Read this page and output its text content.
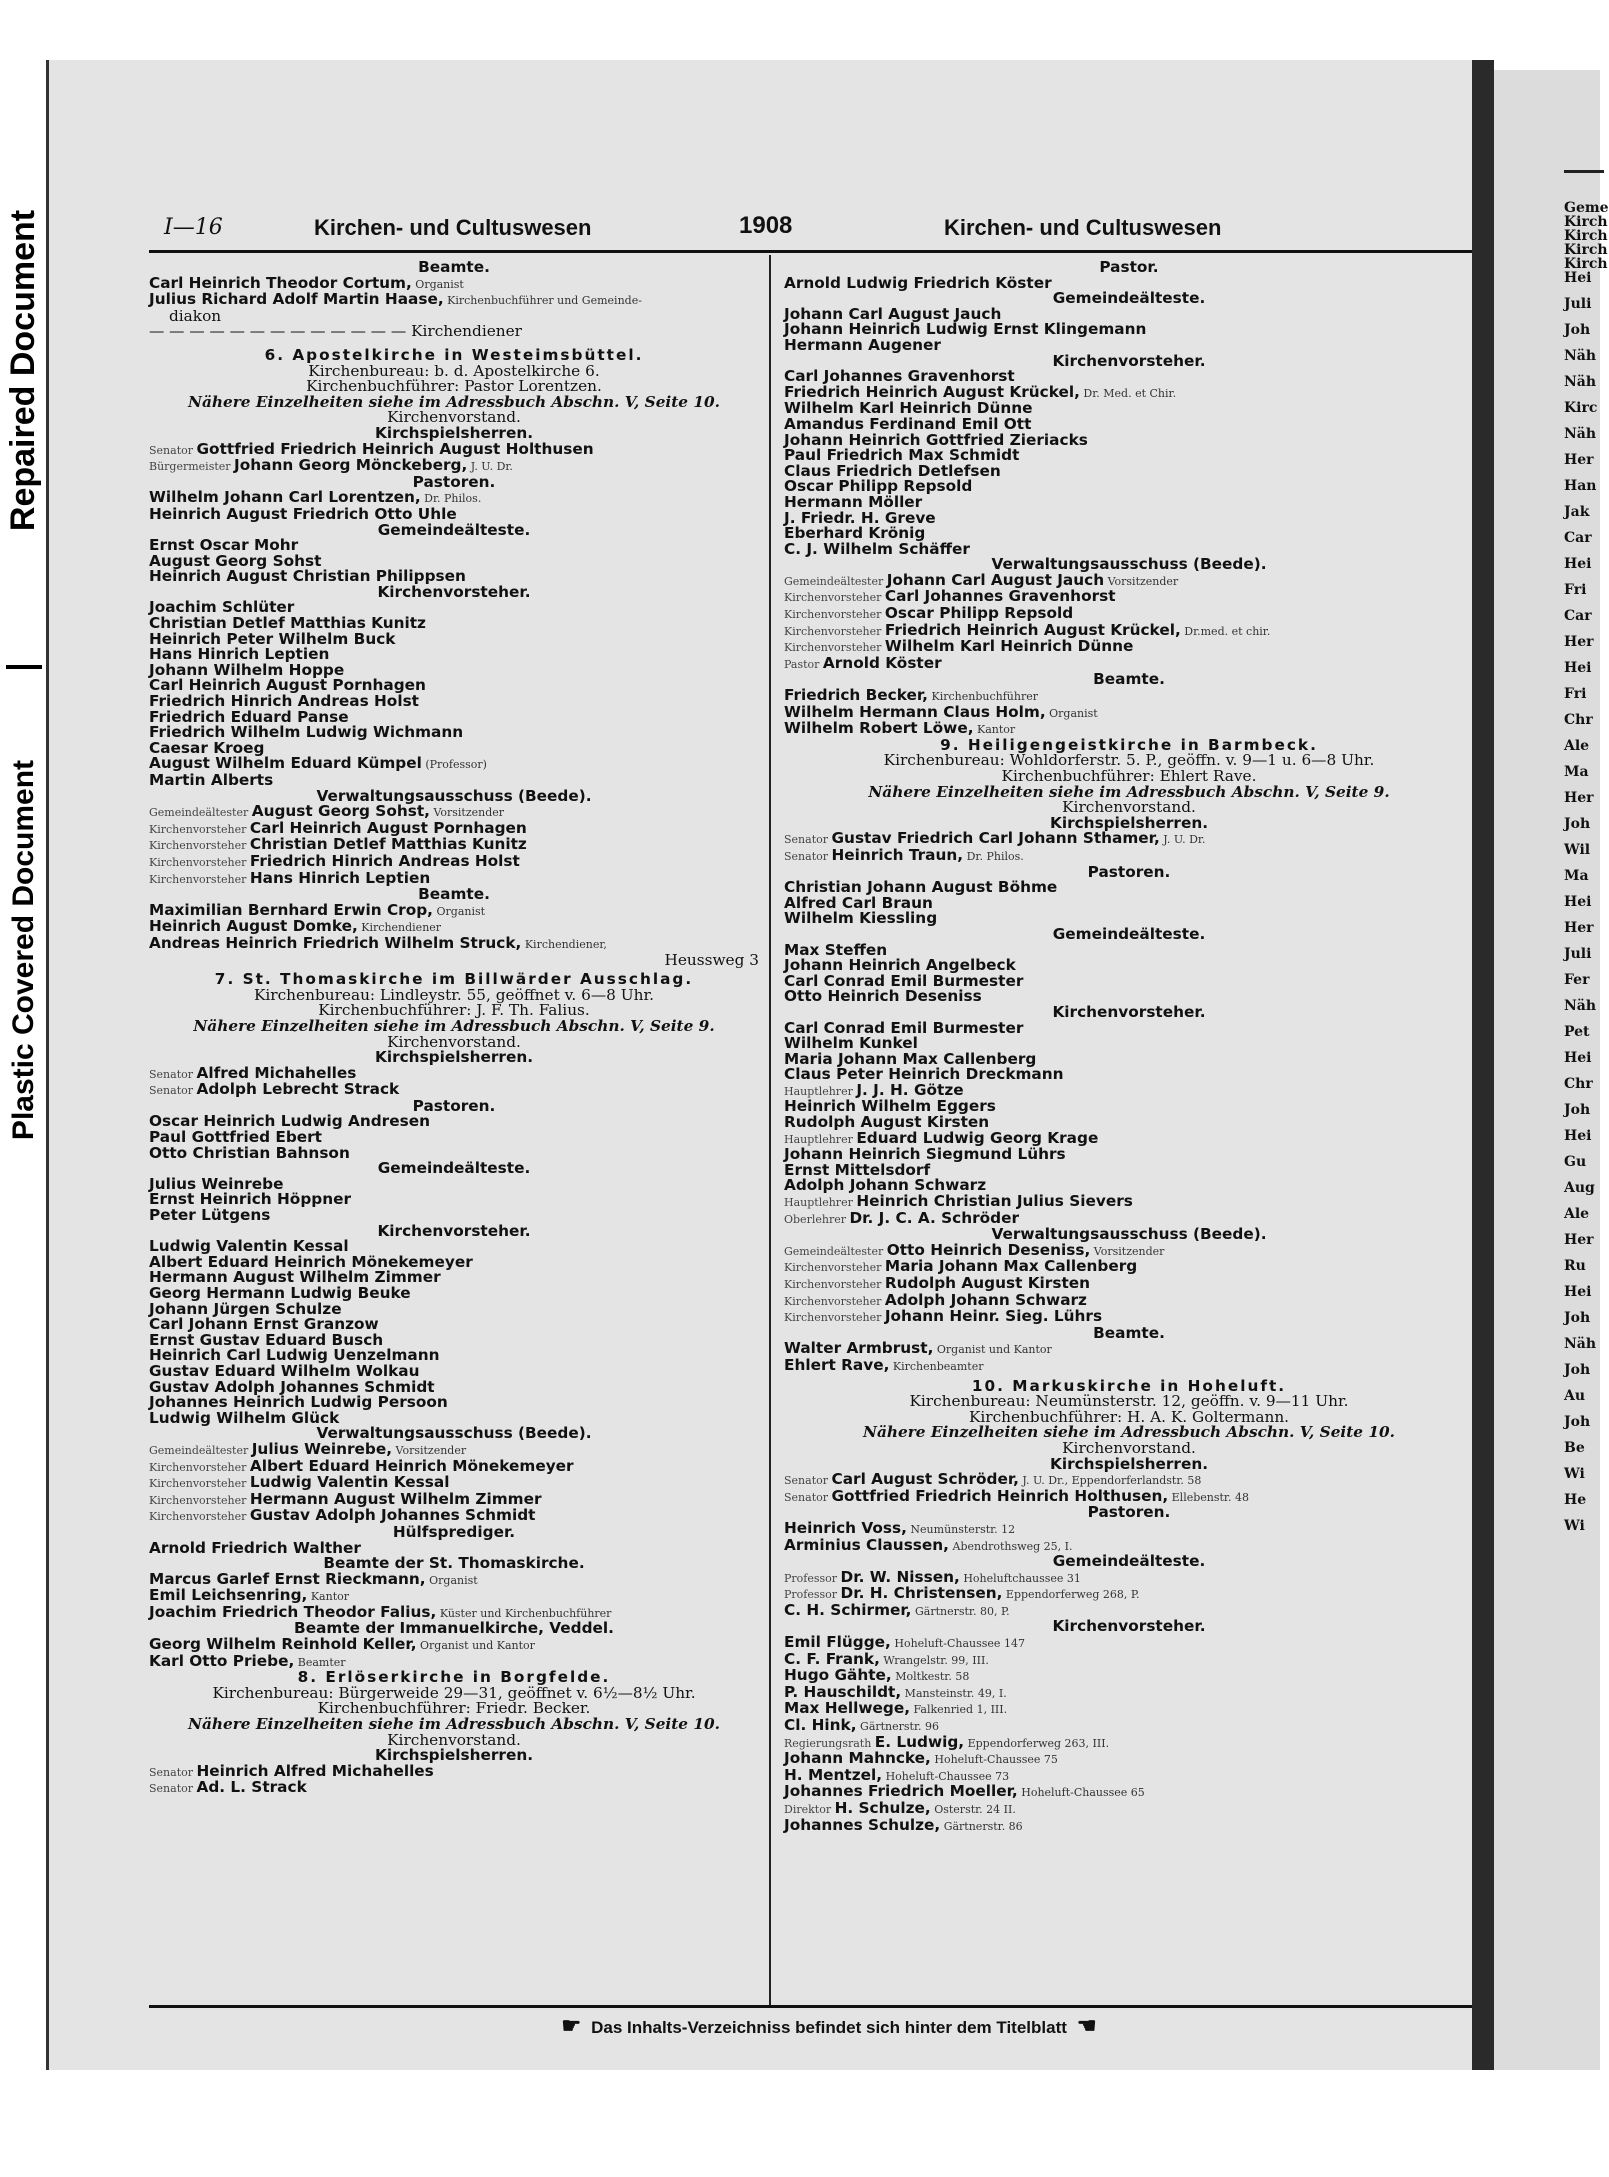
Repaired Document
Plastic Covered Document
I—16	Kirchen- und Cultuswesen	1908	Kirchen- und Cultuswesen
Beamte.
Carl Heinrich Theodor Cortum, Organist
Julius Richard Adolf Martin Haase, Kirchenbuchführer und Gemeinde-
diakon
— — — — — — — — — — — — — Kirchendiener
6. Apostelkirche in Westeimsbüttel.
Kirchenbureau: b. d. Apostelkirche 6.
Kirchenbuchführer: Pastor Lorentzen.
Nähere Einzelheiten siehe im Adressbuch Abschn. V, Seite 10.
Kirchenvorstand.
Kirchspielsherren.
Senator Gottfried Friedrich Heinrich August Holthusen
Bürgermeister Johann Georg Mönckeberg, J. U. Dr.
Pastoren.
Wilhelm Johann Carl Lorentzen, Dr. Philos.
Heinrich August Friedrich Otto Uhle
Gemeindeälteste.
Ernst Oscar Mohr
August Georg Sohst
Heinrich August Christian Philippsen
Kirchenvorsteher.
Joachim Schlüter
Christian Detlef Matthias Kunitz
Heinrich Peter Wilhelm Buck
Hans Hinrich Leptien
Johann Wilhelm Hoppe
Carl Heinrich August Pornhagen
Friedrich Hinrich Andreas Holst
Friedrich Eduard Panse
Friedrich Wilhelm Ludwig Wichmann
Caesar Kroeg
August Wilhelm Eduard Kümpel (Professor)
Martin Alberts
Verwaltungsausschuss (Beede).
Gemeindeältester August Georg Sohst, Vorsitzender
Kirchenvorsteher Carl Heinrich August Pornhagen
Kirchenvorsteher Christian Detlef Matthias Kunitz
Kirchenvorsteher Friedrich Hinrich Andreas Holst
Kirchenvorsteher Hans Hinrich Leptien
Beamte.
Maximilian Bernhard Erwin Crop, Organist
Heinrich August Domke, Kirchendiener
Andreas Heinrich Friedrich Wilhelm Struck, Kirchendiener,
Heussweg 3
7. St. Thomaskirche im Billwärder Ausschlag.
Kirchenbureau: Lindleystr. 55, geöffnet v. 6—8 Uhr.
Kirchenbuchführer: J. F. Th. Falius.
Nähere Einzelheiten siehe im Adressbuch Abschn. V, Seite 9.
Kirchenvorstand.
Kirchspielsherren.
Senator Alfred Michahelles
Senator Adolph Lebrecht Strack
Pastoren.
Oscar Heinrich Ludwig Andresen
Paul Gottfried Ebert
Otto Christian Bahnson
Gemeindeälteste.
Julius Weinrebe
Ernst Heinrich Höppner
Peter Lütgens
Kirchenvorsteher.
Ludwig Valentin Kessal
Albert Eduard Heinrich Mönekemeyer
Hermann August Wilhelm Zimmer
Georg Hermann Ludwig Beuke
Johann Jürgen Schulze
Carl Johann Ernst Granzow
Ernst Gustav Eduard Busch
Heinrich Carl Ludwig Uenzelmann
Gustav Eduard Wilhelm Wolkau
Gustav Adolph Johannes Schmidt
Johannes Heinrich Ludwig Persoon
Ludwig Wilhelm Glück
Verwaltungsausschuss (Beede).
Gemeindeältester Julius Weinrebe, Vorsitzender
Kirchenvorsteher Albert Eduard Heinrich Mönekemeyer
Kirchenvorsteher Ludwig Valentin Kessal
Kirchenvorsteher Hermann August Wilhelm Zimmer
Kirchenvorsteher Gustav Adolph Johannes Schmidt
Hülfsprediger.
Arnold Friedrich Walther
Beamte der St. Thomaskirche.
Marcus Garlef Ernst Rieckmann, Organist
Emil Leichsenring, Kantor
Joachim Friedrich Theodor Falius, Küster und Kirchenbuchführer
Beamte der Immanuelkirche, Veddel.
Georg Wilhelm Reinhold Keller, Organist und Kantor
Karl Otto Priebe, Beamter
8. Erlöserkirche in Borgfelde.
Kirchenbureau: Bürgerweide 29—31, geöffnet v. 6½—8½ Uhr.
Kirchenbuchführer: Friedr. Becker.
Nähere Einzelheiten siehe im Adressbuch Abschn. V, Seite 10.
Kirchenvorstand.
Kirchspielsherren.
Senator Heinrich Alfred Michahelles
Senator Ad. L. Strack
Pastor.
Arnold Ludwig Friedrich Köster
Gemeindeälteste.
Johann Carl August Jauch
Johann Heinrich Ludwig Ernst Klingemann
Hermann Augener
Kirchenvorsteher.
Carl Johannes Gravenhorst
Friedrich Heinrich August Krückel, Dr. Med. et Chir.
Wilhelm Karl Heinrich Dünne
Amandus Ferdinand Emil Ott
Johann Heinrich Gottfried Zieriacks
Paul Friedrich Max Schmidt
Claus Friedrich Detlefsen
Oscar Philipp Repsold
Hermann Möller
J. Friedr. H. Greve
Eberhard Krönig
C. J. Wilhelm Schäffer
Verwaltungsausschuss (Beede).
Gemeindeältester Johann Carl August Jauch Vorsitzender
Kirchenvorsteher Carl Johannes Gravenhorst
Kirchenvorsteher Oscar Philipp Repsold
Kirchenvorsteher Friedrich Heinrich August Krückel, Dr.med. et chir.
Kirchenvorsteher Wilhelm Karl Heinrich Dünne
Pastor Arnold Köster
Beamte.
Friedrich Becker, Kirchenbuchführer
Wilhelm Hermann Claus Holm, Organist
Wilhelm Robert Löwe, Kantor
9. Heiligengeistkirche in Barmbeck.
Kirchenbureau: Wohldorferstr. 5. P., geöffn. v. 9—1 u. 6—8 Uhr.
Kirchenbuchführer: Ehlert Rave.
Nähere Einzelheiten siehe im Adressbuch Abschn. V, Seite 9.
Kirchenvorstand.
Kirchspielsherren.
Senator Gustav Friedrich Carl Johann Sthamer, J. U. Dr.
Senator Heinrich Traun, Dr. Philos.
Pastoren.
Christian Johann August Böhme
Alfred Carl Braun
Wilhelm Kiessling
Gemeindeälteste.
Max Steffen
Johann Heinrich Angelbeck
Carl Conrad Emil Burmester
Otto Heinrich Deseniss
Kirchenvorsteher.
Carl Conrad Emil Burmester
Wilhelm Kunkel
Maria Johann Max Callenberg
Claus Peter Heinrich Dreckmann
Hauptlehrer J. J. H. Götze
Heinrich Wilhelm Eggers
Rudolph August Kirsten
Hauptlehrer Eduard Ludwig Georg Krage
Johann Heinrich Siegmund Lührs
Ernst Mittelsdorf
Adolph Johann Schwarz
Hauptlehrer Heinrich Christian Julius Sievers
Oberlehrer Dr. J. C. A. Schröder
Verwaltungsausschuss (Beede).
Gemeindeältester Otto Heinrich Deseniss, Vorsitzender
Kirchenvorsteher Maria Johann Max Callenberg
Kirchenvorsteher Rudolph August Kirsten
Kirchenvorsteher Adolph Johann Schwarz
Kirchenvorsteher Johann Heinr. Sieg. Lührs
Beamte.
Walter Armbrust, Organist und Kantor
Ehlert Rave, Kirchenbeamter
10. Markuskirche in Hoheluft.
Kirchenbureau: Neumünsterstr. 12, geöffn. v. 9—11 Uhr.
Kirchenbuchführer: H. A. K. Goltermann.
Nähere Einzelheiten siehe im Adressbuch Abschn. V, Seite 10.
Kirchenvorstand.
Kirchspielsherren.
Senator Carl August Schröder, J. U. Dr., Eppendorferlandstr. 58
Senator Gottfried Friedrich Heinrich Holthusen, Ellebenstr. 48
Pastoren.
Heinrich Voss, Neumünsterstr. 12
Arminius Claussen, Abendrothsweg 25, I.
Gemeindeälteste.
Professor Dr. W. Nissen, Hoheluftchaussee 31
Professor Dr. H. Christensen, Eppendorferweg 268, P.
C. H. Schirmer, Gärtnerstr. 80, P.
Kirchenvorsteher.
Emil Flügge, Hoheluft-Chaussee 147
C. F. Frank, Wrangelstr. 99, III.
Hugo Gähte, Moltkestr. 58
P. Hauschildt, Mansteinstr. 49, I.
Max Hellwege, Falkenried 1, III.
Cl. Hink, Gärtnerstr. 96
Regierungsrath E. Ludwig, Eppendorferweg 263, III.
Johann Mahncke, Hoheluft-Chaussee 75
H. Mentzel, Hoheluft-Chaussee 73
Johannes Friedrich Moeller, Hoheluft-Chaussee 65
Direktor H. Schulze, Osterstr. 24 II.
Johannes Schulze, Gärtnerstr. 86
☛ Das Inhalts-Verzeichniss befindet sich hinter dem Titelblatt ☚
Geme
Kirch
Kirch
Kirch
Kirch
Hei
Juli
Joh
Näh
Näh
Kirc
Näh
Her
Han
Jak
Car
Hei
Fri
Car
Her
Hei
Fri
Chr
Ale
Ma
Her
Joh
Wil
Ma
Hei
Her
Juli
Fer
Näh
Pet
Hei
Chr
Joh
Hei
Gu
Aug
Ale
Her
Ru
Hei
Joh
Näh
Joh
Au
Joh
Be
Wi
He
Wi
